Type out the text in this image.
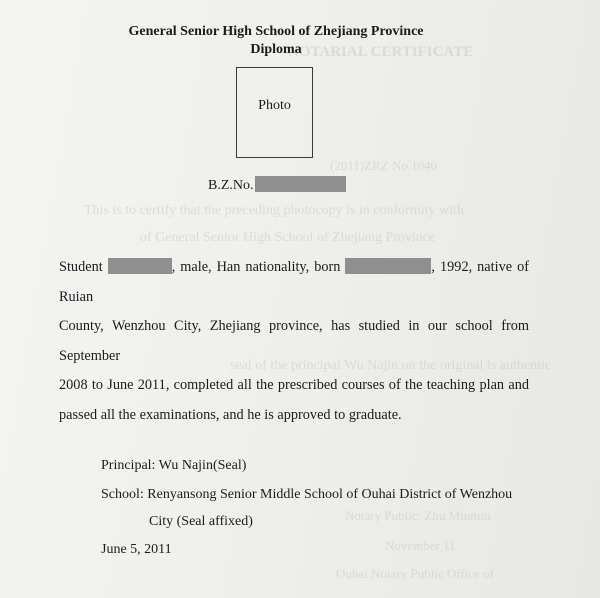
NOTARIAL CERTIFICATE
(2011)ZRZ No.1040
This is to certify that the preceding photocopy is in conformity with
of General Senior High School of Zhejiang Province
seal of the principal Wu Najin on the original is authentic.
Notary Public: Zhu Minmin
November 11
Ouhai Notary Public Office of
General Senior High School of Zhejiang Province
Diploma
Photo
B.Z.No.
Student	, male, Han nationality, born	, 1992, native of Ruian
County, Wenzhou City, Zhejiang province, has studied in our school from September
2008 to June 2011, completed all the prescribed courses of the teaching plan and
passed all the examinations, and he is approved to graduate.
Principal: Wu Najin(Seal)
School: Renyansong Senior Middle School of Ouhai District of Wenzhou
City (Seal affixed)
June 5, 2011
